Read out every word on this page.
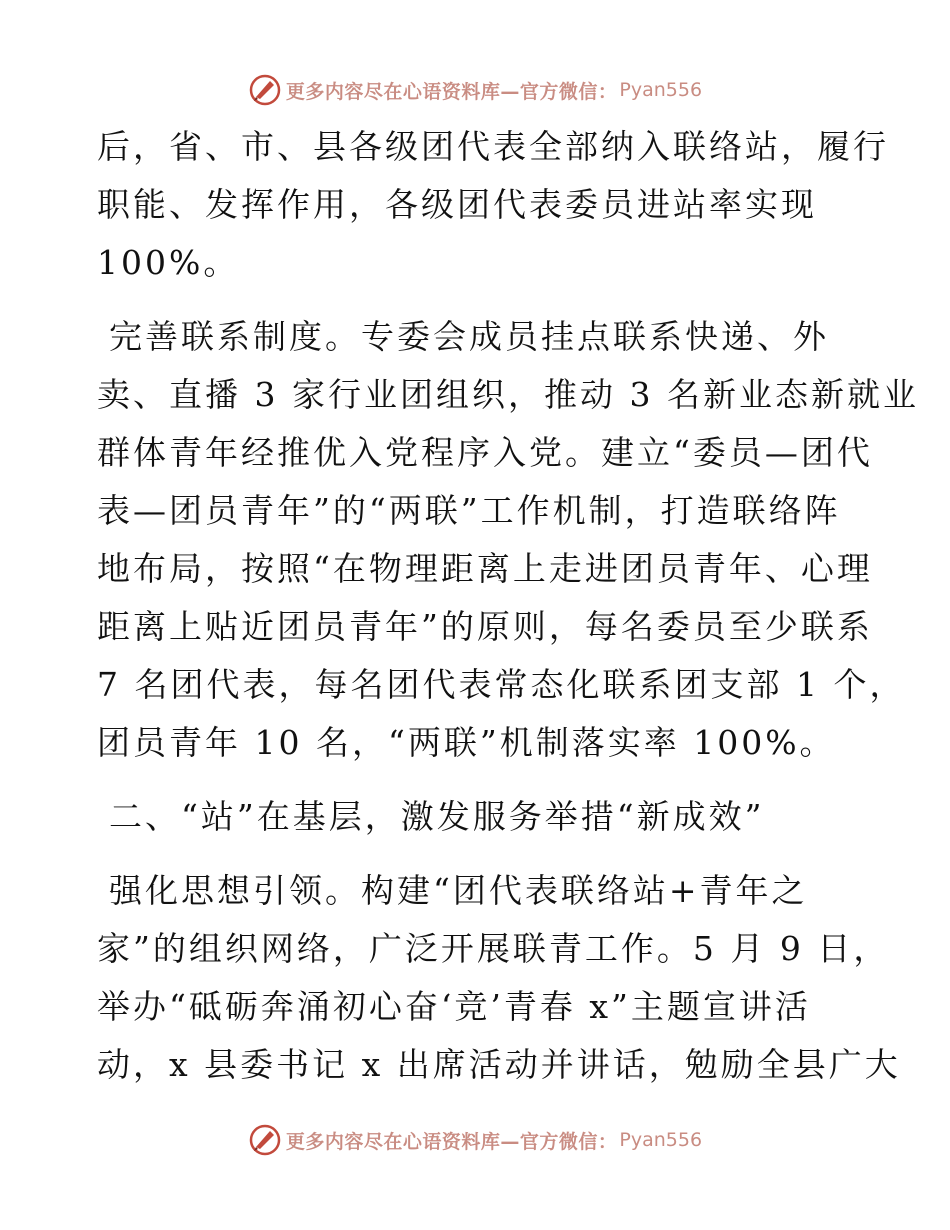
更多内容尽在心语资料库—官方微信： Pyan556

后，省、市、县各级团代表全部纳入联络站，履行
职能、发挥作用，各级团代表委员进站率实现
100%。

完善联系制度。专委会成员挂点联系快递、外
卖、直播 3 家行业团组织，推动 3 名新业态新就业
群体青年经推优入党程序入党。建立“委员—团代
表—团员青年”的“两联”工作机制，打造联络阵
地布局，按照“在物理距离上走进团员青年、心理
距离上贴近团员青年”的原则，每名委员至少联系
7 名团代表，每名团代表常态化联系团支部 1 个，
团员青年 10 名，“两联”机制落实率 100%。

二、“站”在基层，激发服务举措“新成效”

强化思想引领。构建“团代表联络站+青年之
家”的组织网络，广泛开展联青工作。5 月 9 日，
举办“砥砺奔涌初心奋‘竞’青春 x”主题宣讲活
动，x 县委书记 x 出席活动并讲话，勉励全县广大

更多内容尽在心语资料库—官方微信： Pyan556
